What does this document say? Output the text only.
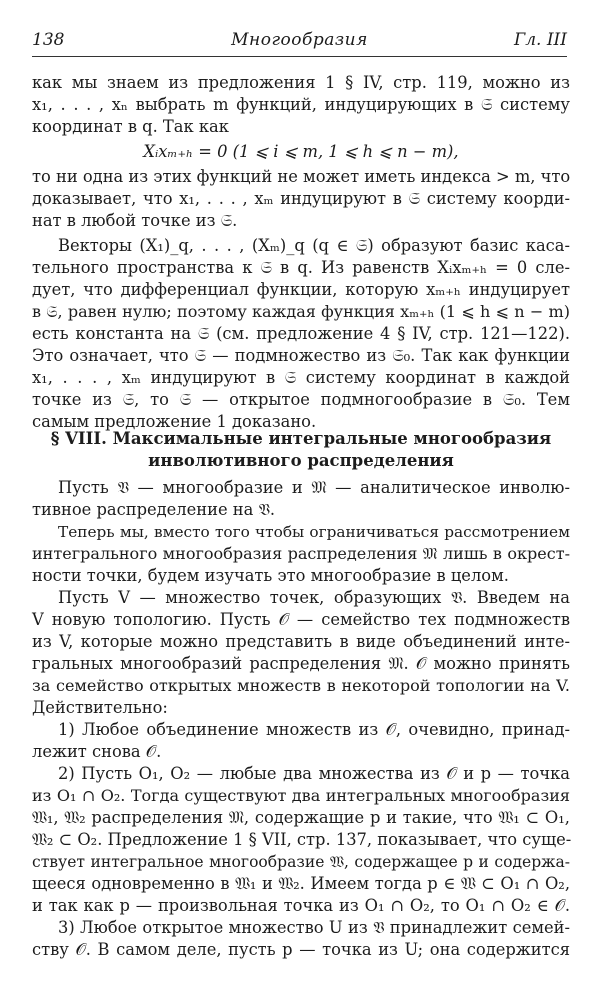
138	Многообразия	Гл. III
как мы знаем из предложения 1 § IV, стр. 119, можно из
x₁, . . . , xₙ выбрать m функций, индуцирующих в 𝔖 систему
координат в q. Так как
Xᵢxₘ₊ₕ = 0 (1 ⩽ i ⩽ m, 1 ⩽ h ⩽ n − m),
то ни одна из этих функций не может иметь индекса > m, что
доказывает, что x₁, . . . , xₘ индуцируют в 𝔖 систему коорди-
нат в любой точке из 𝔖.
Векторы (X₁)_q, . . . , (Xₘ)_q (q ∈ 𝔖) образуют базис каса-
тельного пространства к 𝔖 в q. Из равенств Xᵢxₘ₊ₕ = 0 сле-
дует, что дифференциал функции, которую xₘ₊ₕ индуцирует
в 𝔖, равен нулю; поэтому каждая функция xₘ₊ₕ (1 ⩽ h ⩽ n − m)
есть константа на 𝔖 (см. предложение 4 § IV, стр. 121—122).
Это означает, что 𝔖 — подмножество из 𝔖₀. Так как функции
x₁, . . . , xₘ индуцируют в 𝔖 систему координат в каждой
точке из 𝔖, то 𝔖 — открытое подмногообразие в 𝔖₀. Тем
самым предложение 1 доказано.
§ VIII. Максимальные интегральные многообразия
инволютивного распределения
Пусть 𝔙 — многообразие и 𝔐 — аналитическое инволю-
тивное распределение на 𝔙.
Теперь мы, вместо того чтобы ограничиваться рассмотрением
интегрального многообразия распределения 𝔐 лишь в окрест-
ности точки, будем изучать это многообразие в целом.
Пусть V — множество точек, образующих 𝔙. Введем на
V новую топологию. Пусть 𝒪 — семейство тех подмножеств
из V, которые можно представить в виде объединений инте-
гральных многообразий распределения 𝔐. 𝒪 можно принять
за семейство открытых множеств в некоторой топологии на V.
Действительно:
1) Любое объединение множеств из 𝒪, очевидно, принад-
лежит снова 𝒪.
2) Пусть O₁, O₂ — любые два множества из 𝒪 и p — точка
из O₁ ∩ O₂. Тогда существуют два интегральных многообразия
𝔚₁, 𝔚₂ распределения 𝔐, содержащие p и такие, что 𝔚₁ ⊂ O₁,
𝔚₂ ⊂ O₂. Предложение 1 § VII, стр. 137, показывает, что суще-
ствует интегральное многообразие 𝔚, содержащее p и содержа-
щееся одновременно в 𝔚₁ и 𝔚₂. Имеем тогда p ∈ 𝔚 ⊂ O₁ ∩ O₂,
и так как p — произвольная точка из O₁ ∩ O₂, то O₁ ∩ O₂ ∈ 𝒪.
3) Любое открытое множество U из 𝔙 принадлежит семей-
ству 𝒪. В самом деле, пусть p — точка из U; она содержится
